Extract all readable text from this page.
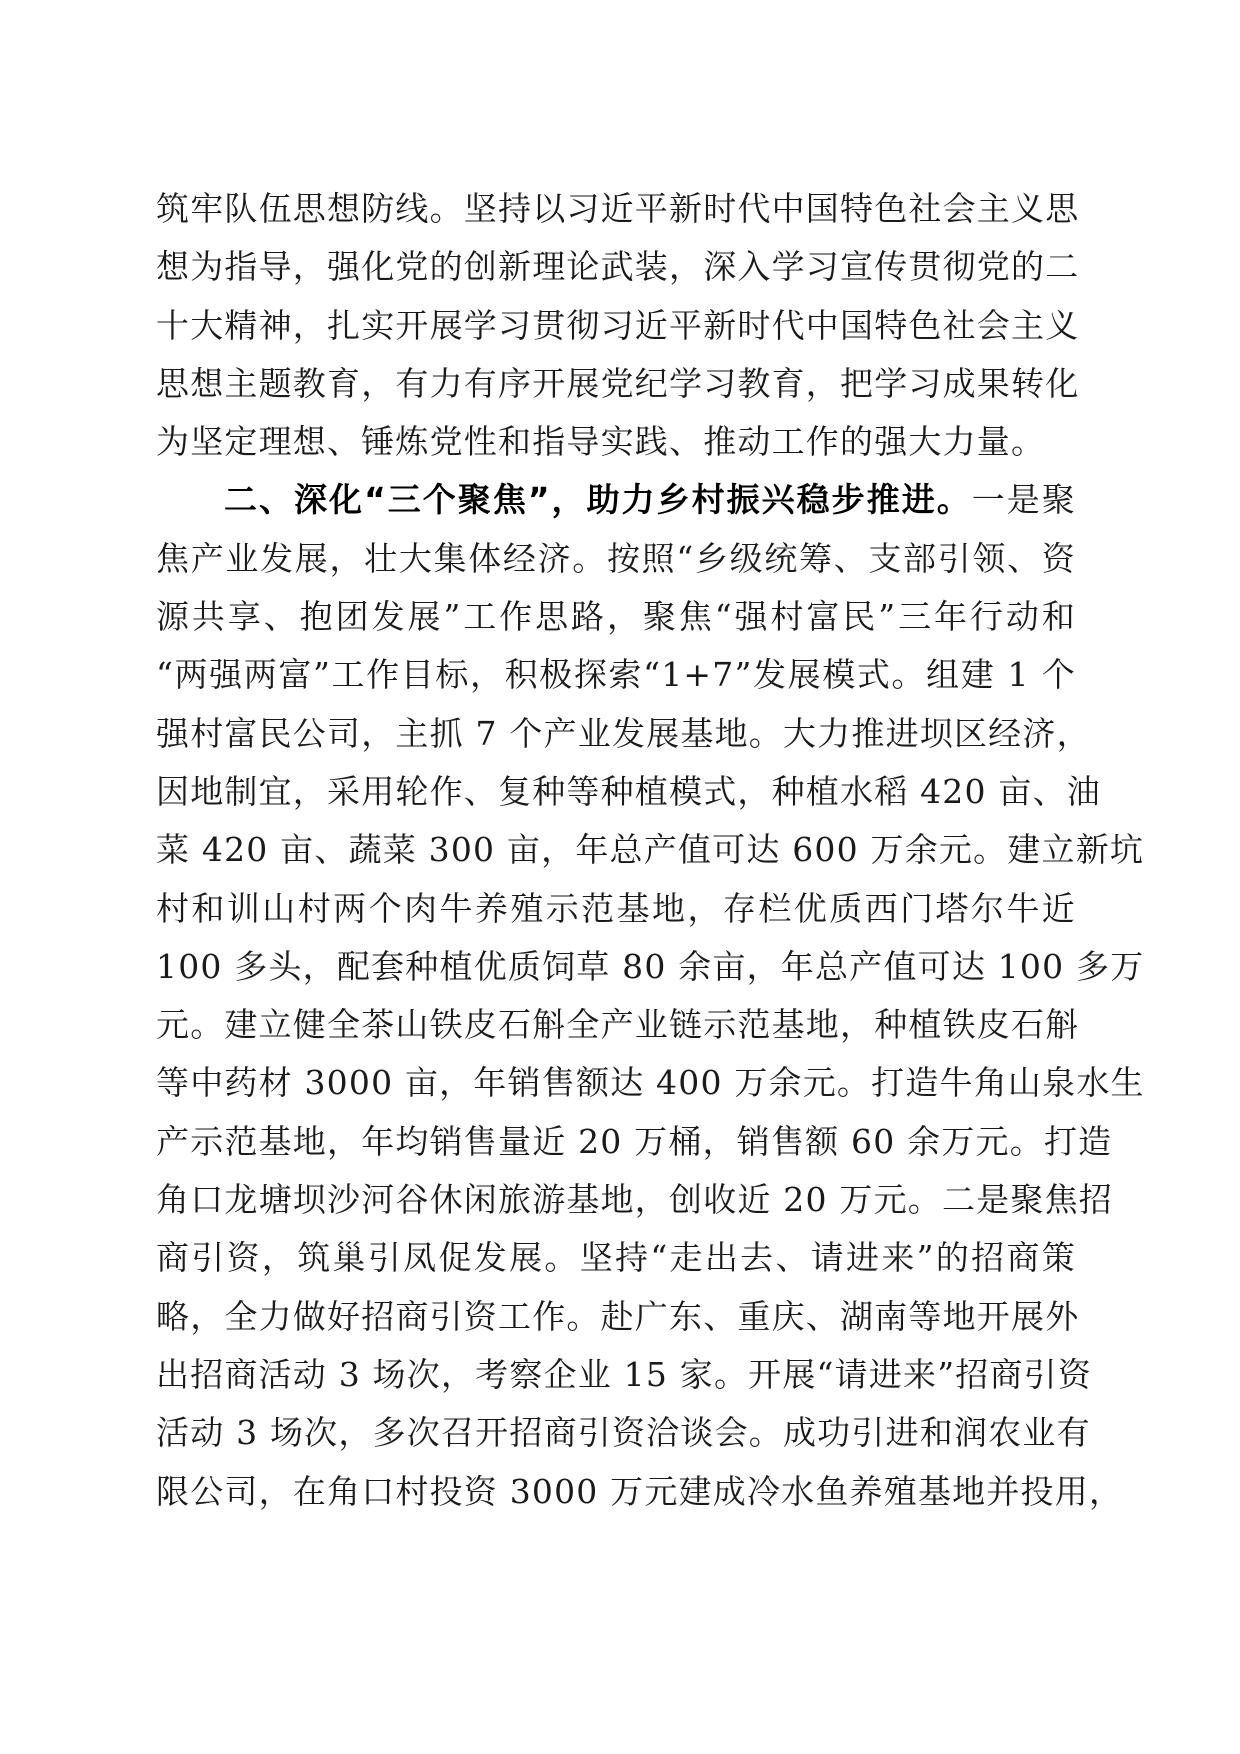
筑牢队伍思想防线。坚持以习近平新时代中国特色社会主义思
想为指导，强化党的创新理论武装，深入学习宣传贯彻党的二
十大精神，扎实开展学习贯彻习近平新时代中国特色社会主义
思想主题教育，有力有序开展党纪学习教育，把学习成果转化
为坚定理想、锤炼党性和指导实践、推动工作的强大力量。
二、深化“三个聚焦”，助力乡村振兴稳步推进。一是聚
焦产业发展，壮大集体经济。按照“乡级统筹、支部引领、资
源共享、抱团发展”工作思路，聚焦“强村富民”三年行动和
“两强两富”工作目标，积极探索“1+7”发展模式。组建 1 个
强村富民公司，主抓 7 个产业发展基地。大力推进坝区经济，
因地制宜，采用轮作、复种等种植模式，种植水稻 420 亩、油
菜 420 亩、蔬菜 300 亩，年总产值可达 600 万余元。建立新坑
村和训山村两个肉牛养殖示范基地，存栏优质西门塔尔牛近
100 多头，配套种植优质饲草 80 余亩，年总产值可达 100 多万
元。建立健全茶山铁皮石斛全产业链示范基地，种植铁皮石斛
等中药材 3000 亩，年销售额达 400 万余元。打造牛角山泉水生
产示范基地，年均销售量近 20 万桶，销售额 60 余万元。打造
角口龙塘坝沙河谷休闲旅游基地，创收近 20 万元。二是聚焦招
商引资，筑巢引凤促发展。坚持“走出去、请进来”的招商策
略，全力做好招商引资工作。赴广东、重庆、湖南等地开展外
出招商活动 3 场次，考察企业 15 家。开展“请进来”招商引资
活动 3 场次，多次召开招商引资洽谈会。成功引进和润农业有
限公司，在角口村投资 3000 万元建成冷水鱼养殖基地并投用，
